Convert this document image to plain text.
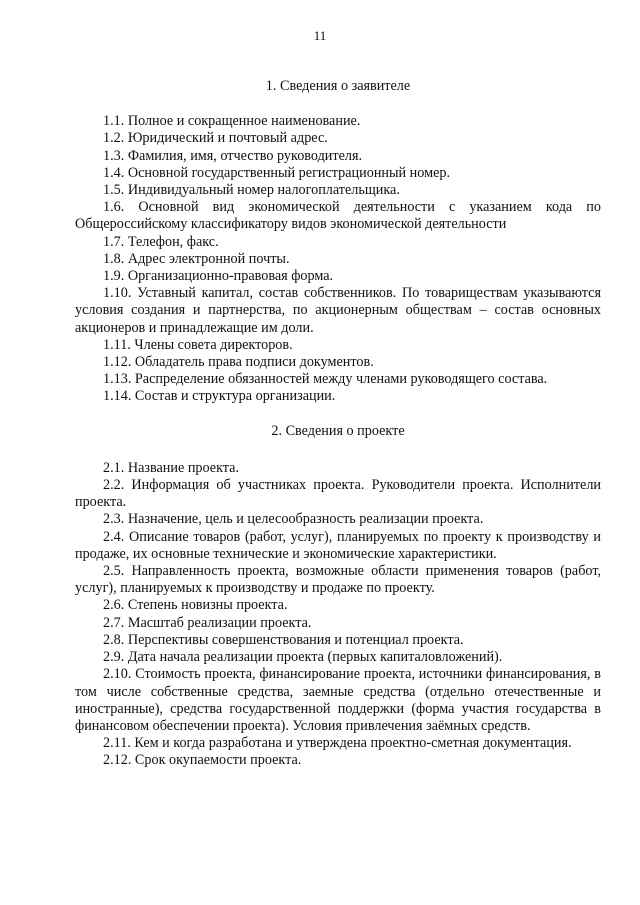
11

1. Сведения о заявителе

1.1. Полное и сокращенное наименование.

1.2. Юридический и почтовый адрес.

1.3. Фамилия, имя, отчество руководителя.

1.4. Основной государственный регистрационный номер.

1.5. Индивидуальный номер налогоплательщика.

1.6. Основной вид экономической деятельности с указанием кода по Общероссийскому классификатору видов экономической деятельности

1.7. Телефон, факс.

1.8. Адрес электронной почты.

1.9. Организационно-правовая форма.

1.10. Уставный капитал, состав собственников. По товариществам указываются условия создания и партнерства, по акционерным обществам – состав основных акционеров и принадлежащие им доли.

1.11. Члены совета директоров.

1.12. Обладатель права подписи документов.

1.13. Распределение обязанностей между членами руководящего состава.

1.14. Состав и структура организации.

2. Сведения о проекте

2.1. Название проекта.

2.2. Информация об участниках проекта. Руководители проекта. Исполнители проекта.

2.3. Назначение, цель и целесообразность реализации проекта.

2.4. Описание товаров (работ, услуг), планируемых по проекту к производству и продаже, их основные технические и экономические характеристики.

2.5. Направленность проекта, возможные области применения товаров (работ, услуг), планируемых к производству и продаже по проекту.

2.6. Степень новизны проекта.

2.7. Масштаб реализации проекта.

2.8. Перспективы совершенствования и потенциал проекта.

2.9. Дата начала реализации проекта (первых капиталовложений).

2.10. Стоимость проекта, финансирование проекта, источники финансирования, в том числе собственные средства, заемные средства (отдельно отечественные и иностранные), средства государственной поддержки (форма участия государства в финансовом обеспечении проекта). Условия привлечения заёмных средств.

2.11. Кем и когда разработана и утверждена проектно-сметная документация.

2.12. Срок окупаемости проекта.
